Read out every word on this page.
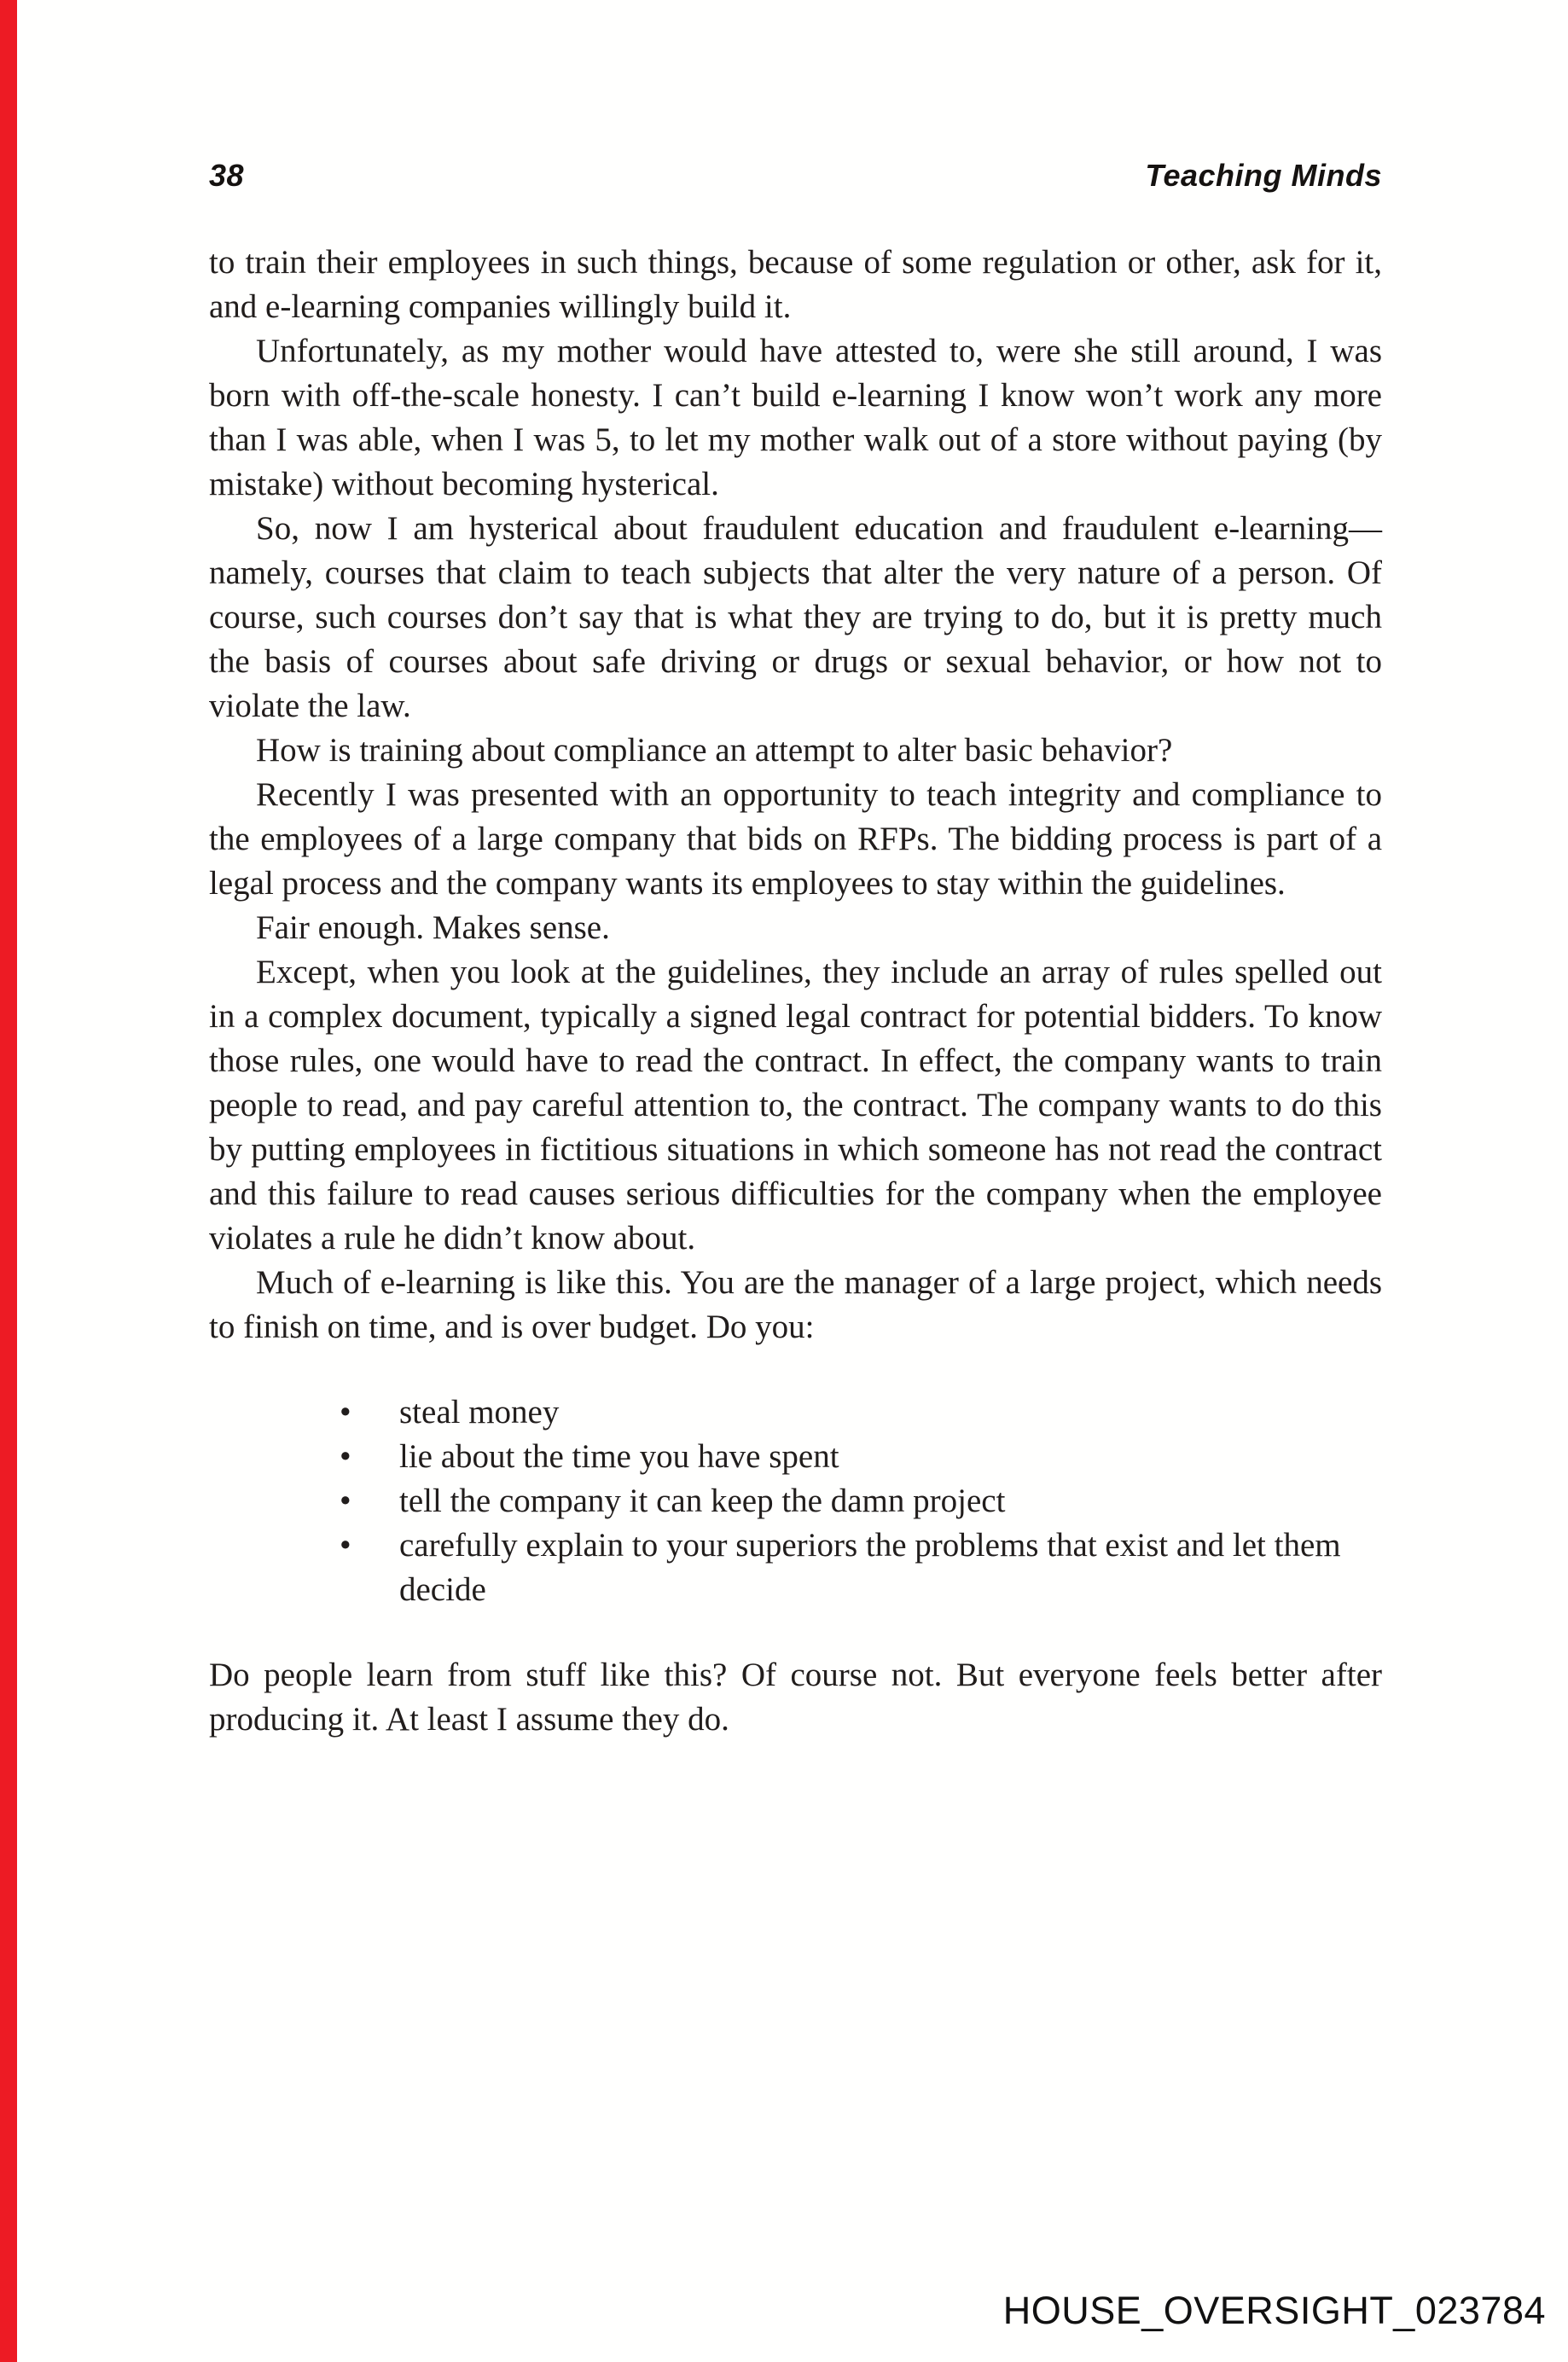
38	Teaching Minds

to train their employees in such things, because of some regulation or other, ask for it, and e-learning companies willingly build it.

Unfortunately, as my mother would have attested to, were she still around, I was born with off-the-scale honesty. I can’t build e-learning I know won’t work any more than I was able, when I was 5, to let my mother walk out of a store without paying (by mistake) without becoming hysterical.

So, now I am hysterical about fraudulent education and fraudulent e-learning—namely, courses that claim to teach subjects that alter the very nature of a person. Of course, such courses don’t say that is what they are trying to do, but it is pretty much the basis of courses about safe driving or drugs or sexual behavior, or how not to violate the law.

How is training about compliance an attempt to alter basic behavior?

Recently I was presented with an opportunity to teach integrity and compliance to the employees of a large company that bids on RFPs. The bidding process is part of a legal process and the company wants its employees to stay within the guidelines.

Fair enough. Makes sense.

Except, when you look at the guidelines, they include an array of rules spelled out in a complex document, typically a signed legal contract for potential bidders. To know those rules, one would have to read the contract. In effect, the company wants to train people to read, and pay careful attention to, the contract. The company wants to do this by putting employees in fictitious situations in which someone has not read the contract and this failure to read causes serious difficulties for the company when the employee violates a rule he didn’t know about.

Much of e-learning is like this. You are the manager of a large project, which needs to finish on time, and is over budget. Do you:

• steal money
• lie about the time you have spent
• tell the company it can keep the damn project
• carefully explain to your superiors the problems that exist and let them decide

Do people learn from stuff like this? Of course not. But everyone feels better after producing it. At least I assume they do.

HOUSE_OVERSIGHT_023784
